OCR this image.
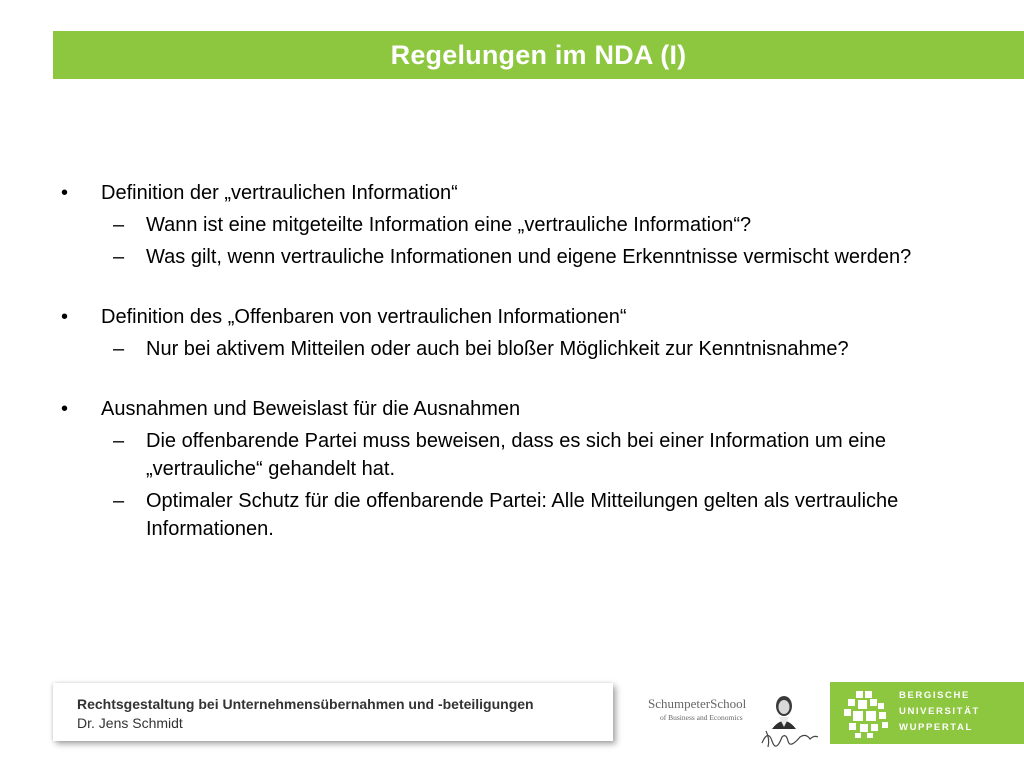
Regelungen im NDA (I)
•	Definition der „vertraulichen Information“
–	Wann ist eine mitgeteilte Information eine „vertrauliche Information“?
–	Was gilt, wenn vertrauliche Informationen und eigene Erkenntnisse vermischt werden?
•	Definition des „Offenbaren von vertraulichen Informationen“
–	Nur bei aktivem Mitteilen oder auch bei bloßer Möglichkeit zur Kenntnisnahme?
•	Ausnahmen und Beweislast für die Ausnahmen
–	Die offenbarende Partei muss beweisen, dass es sich bei einer Information um eine „vertrauliche“ gehandelt hat.
–	Optimaler Schutz für die offenbarende Partei: Alle Mitteilungen gelten als vertrauliche Informationen.
Rechtsgestaltung bei Unternehmensübernahmen und -beteiligungen
Dr. Jens Schmidt
SchumpeterSchool
of Business and Economics
BERGISCHE
UNIVERSITÄT
WUPPERTAL
